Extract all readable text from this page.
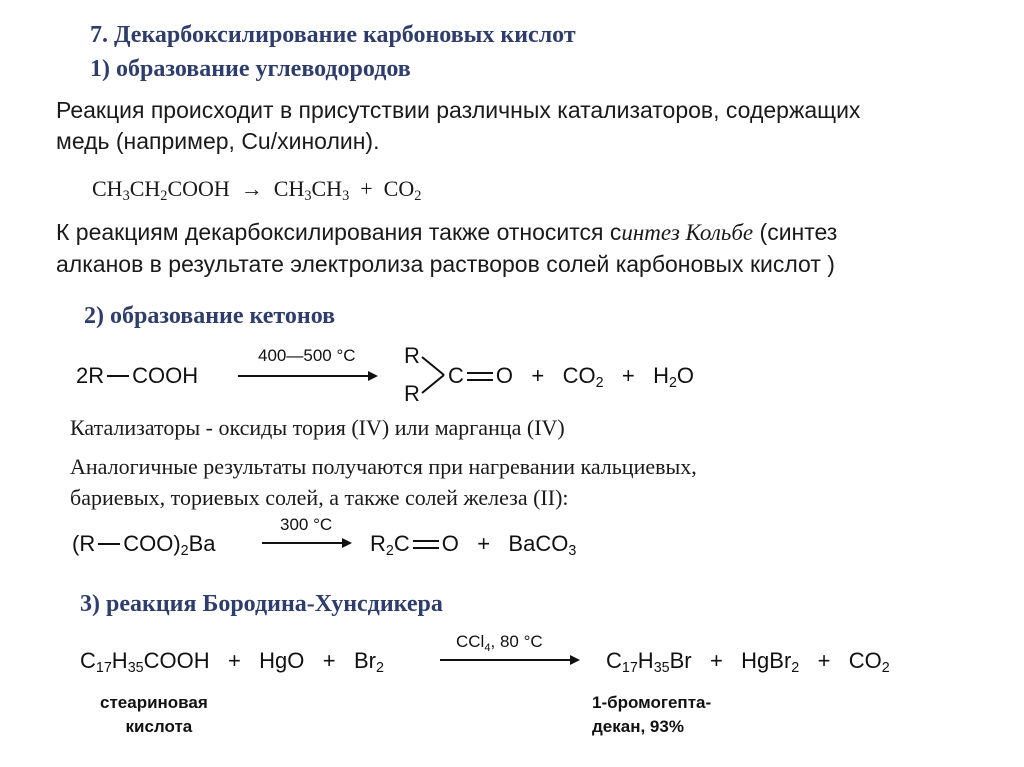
7. Декарбоксилирование карбоновых кислот
1) образование углеводородов
Реакция происходит в присутствии различных катализаторов, содержащих
медь (например, Cu/хинолин).
$CH_3CH_2COOH \to CH_3CH_3 + CO_2$
К реакциям декарбоксилирования также относится синтез Кольбе (синтез
алканов в результате электролиза растворов солей карбоновых кислот )
2) образование кетонов
2R COOH
400—500 °C R
R
C $O + CO_2 + H_2O$
Катализаторы - оксиды тория (IV) или марганца (IV)
Аналогичные результаты получаются при нагревании кальциевых,
бариевых, ториевых солей, а также солей железа (II):
(R $COO)_2Ba$
300 °C
$R_2C$ O + BaCO$_3$
3) реакция Бородина-Хунсдикера
$C_{17}H_{35}COOH$ + HgO + $Br_2$
CCl$_4$, 80 °C
$C_{17}H_{35}Br$ + HgBr$_2$ + $CO_2$
стеариновая
кислота
1-бромогепта-
декан, 93%
